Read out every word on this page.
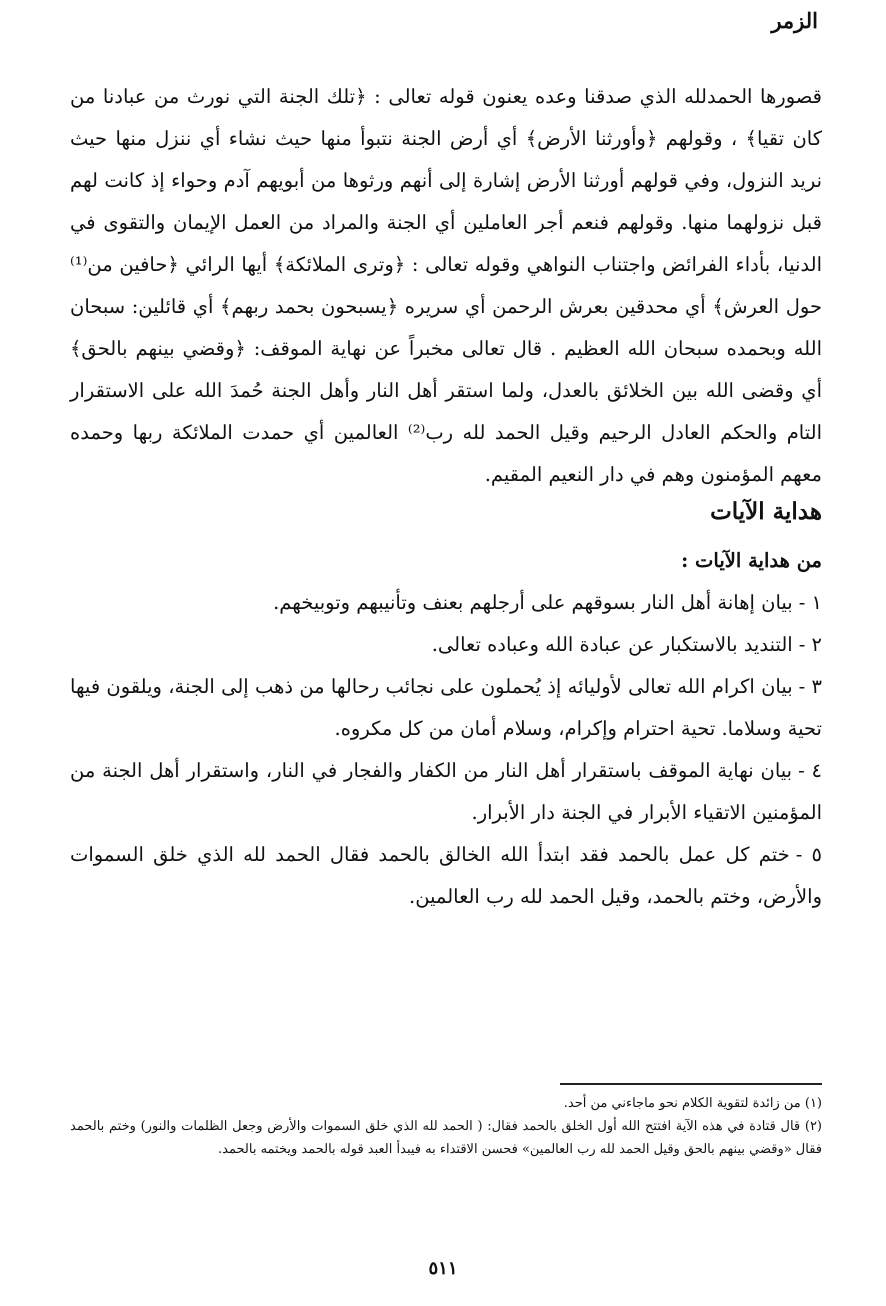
الزمر

قصورها الحمدلله الذي صدقنا وعده يعنون قوله تعالى : ﴿تلك الجنة التي نورث من عبادنا من كان تقيا﴾ ، وقولهم ﴿وأورثنا الأرض﴾ أي أرض الجنة نتبوأ منها حيث نشاء أي ننزل منها حيث نريد النزول، وفي قولهم أورثنا الأرض إشارة إلى أنهم ورثوها من أبويهم آدم وحواء إذ كانت لهم قبل نزولهما منها. وقولهم فنعم أجر العاملين أي الجنة والمراد من العمل الإيمان والتقوى في الدنيا، بأداء الفرائض واجتناب النواهي وقوله تعالى : ﴿وترى الملائكة﴾ أيها الرائي ﴿حافين من⁽¹⁾ حول العرش﴾ أي محدقين بعرش الرحمن أي سريره ﴿يسبحون بحمد ربهم﴾ أي قائلين: سبحان الله وبحمده سبحان الله العظيم . قال تعالى مخبراً عن نهاية الموقف: ﴿وقضي بينهم بالحق﴾ أي وقضى الله بين الخلائق بالعدل، ولما استقر أهل النار وأهل الجنة حُمدَ الله على الاستقرار التام والحكم العادل الرحيم وقيل الحمد لله رب⁽²⁾ العالمين أي حمدت الملائكة ربها وحمده معهم المؤمنون وهم في دار النعيم المقيم.

هداية الآيات

من هداية الآيات :

١ -بيان إهانة أهل النار بسوقهم على أرجلهم بعنف وتأنيبهم وتوبيخهم.
٢ -التنديد بالاستكبار عن عبادة الله وعباده تعالى.
٣ -بيان اكرام الله تعالى لأوليائه إذ يُحملون على نجائب رحالها من ذهب إلى الجنة، ويلقون فيها تحية وسلاما. تحية احترام وإكرام، وسلام أمان من كل مكروه.
٤ -بيان نهاية الموقف باستقرار أهل النار من الكفار والفجار في النار، واستقرار أهل الجنة من المؤمنين الاتقياء الأبرار في الجنة دار الأبرار.
٥ -ختم كل عمل بالحمد فقد ابتدأ الله الخالق بالحمد فقال الحمد لله الذي خلق السموات والأرض، وختم بالحمد، وقيل الحمد لله رب العالمين.

(١) من زائدة لتقوية الكلام نحو ماجاءني من أحد.

(٢) قال قتادة في هذه الآية افتتح الله أول الخلق بالحمد فقال: ( الحمد لله الذي خلق السموات والأرض وجعل الظلمات والنور) وختم بالحمد فقال «وقضي بينهم بالحق وقيل الحمد لله رب العالمين» فحسن الاقتداء به فيبدأ العبد قوله بالحمد ويختمه بالحمد.

٥١١
